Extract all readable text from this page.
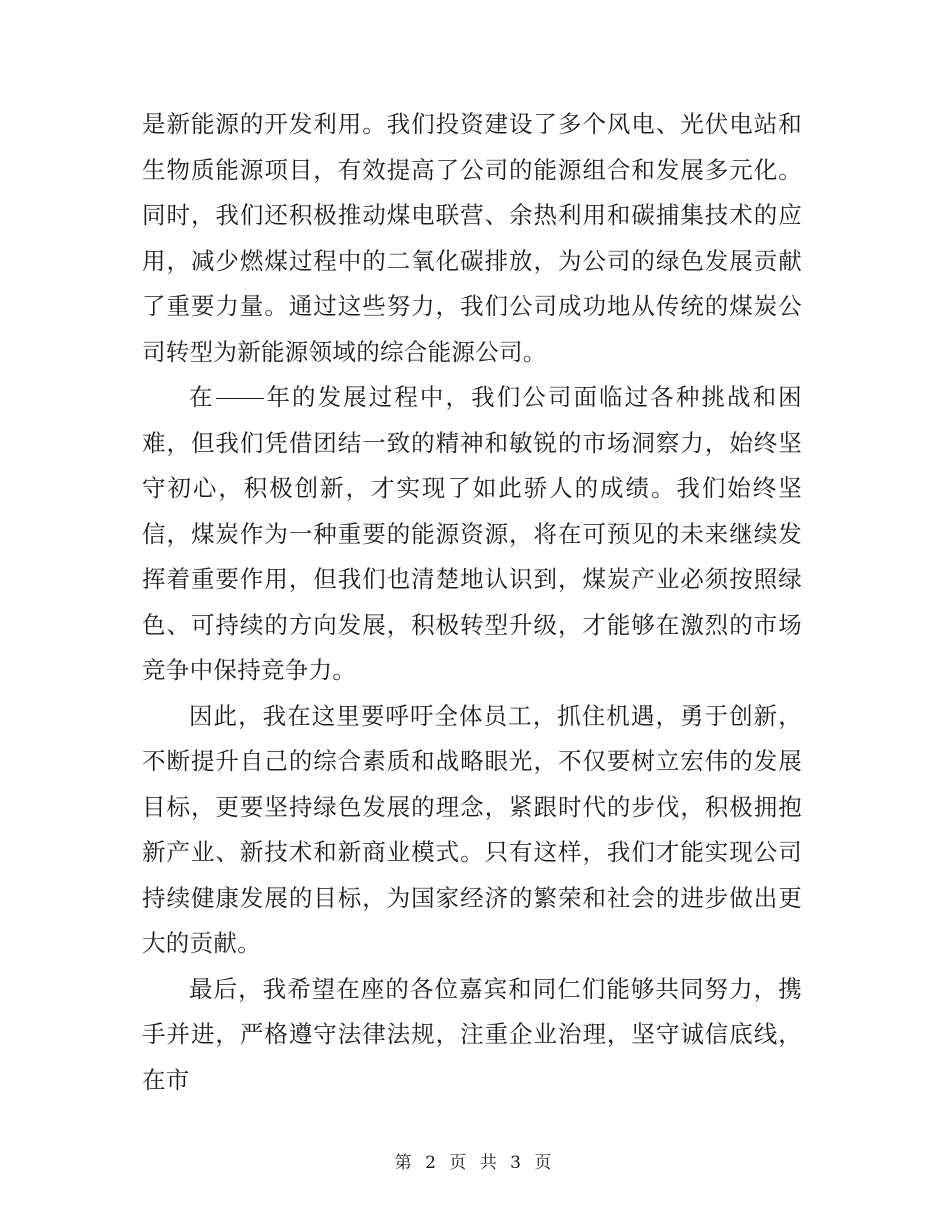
是新能源的开发利用。我们投资建设了多个风电、光伏电站和生物质能源项目，有效提高了公司的能源组合和发展多元化。同时，我们还积极推动煤电联营、余热利用和碳捕集技术的应用，减少燃煤过程中的二氧化碳排放，为公司的绿色发展贡献了重要力量。通过这些努力，我们公司成功地从传统的煤炭公司转型为新能源领域的综合能源公司。

在 年的发展过程中，我们公司面临过各种挑战和困难，但我们凭借团结一致的精神和敏锐的市场洞察力，始终坚守初心，积极创新，才实现了如此骄人的成绩。我们始终坚信，煤炭作为一种重要的能源资源，将在可预见的未来继续发挥着重要作用，但我们也清楚地认识到，煤炭产业必须按照绿色、可持续的方向发展，积极转型升级，才能够在激烈的市场竞争中保持竞争力。

因此，我在这里要呼吁全体员工，抓住机遇，勇于创新，不断提升自己的综合素质和战略眼光，不仅要树立宏伟的发展目标，更要坚持绿色发展的理念，紧跟时代的步伐，积极拥抱新产业、新技术和新商业模式。只有这样，我们才能实现公司持续健康发展的目标，为国家经济的繁荣和社会的进步做出更大的贡献。

最后，我希望在座的各位嘉宾和同仁们能够共同努力，携手并进，严格遵守法律法规，注重企业治理，坚守诚信底线，在市

第 2 页 共 3 页
